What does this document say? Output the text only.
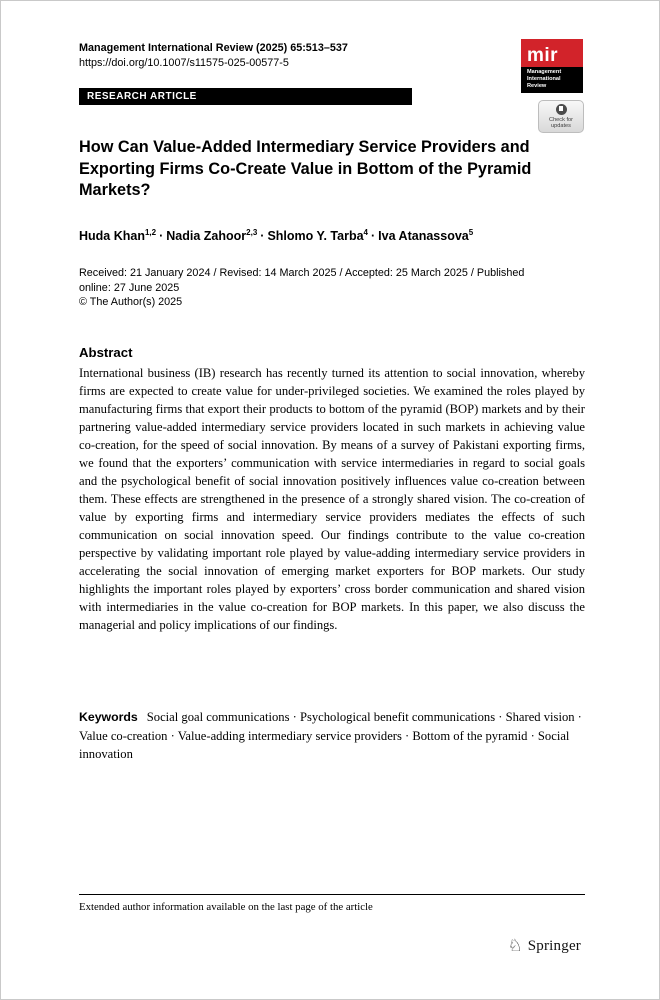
Management International Review (2025) 65:513–537
https://doi.org/10.1007/s11575-025-00577-5	mir
Management
International Review
RESEARCH ARTICLE
Check for
updates
How Can Value-Added Intermediary Service Providers and Exporting Firms Co-Create Value in Bottom of the Pyramid Markets?
Huda Khan$^{1,2}$ · Nadia Zahoor$^{2,3}$ · Shlomo Y. Tarba$^4$ · Iva Atanassova$^5$
Received: 21 January 2024 / Revised: 14 March 2025 / Accepted: 25 March 2025 / Published online: 27 June 2025
© The Author(s) 2025
Abstract
International business (IB) research has recently turned its attention to social innovation, whereby firms are expected to create value for under-privileged societies. We examined the roles played by manufacturing firms that export their products to bottom of the pyramid (BOP) markets and by their partnering value-added intermediary service providers located in such markets in achieving value co-creation, for the speed of social innovation. By means of a survey of Pakistani exporting firms, we found that the exporters’ communication with service intermediaries in regard to social goals and the psychological benefit of social innovation positively influences value co-creation between them. These effects are strengthened in the presence of a strongly shared vision. The co-creation of value by exporting firms and intermediary service providers mediates the effects of such communication on social innovation speed. Our findings contribute to the value co-creation perspective by validating important role played by value-adding intermediary service providers in accelerating the social innovation of emerging market exporters for BOP markets. Our study highlights the important roles played by exporters’ cross border communication and shared vision with intermediaries in the value co-creation for BOP markets. In this paper, we also discuss the managerial and policy implications of our findings.
Keywords Social goal communications · Psychological benefit communications · Shared vision · Value co-creation · Value-adding intermediary service providers · Bottom of the pyramid · Social innovation
Extended author information available on the last page of the article
♘ Springer
